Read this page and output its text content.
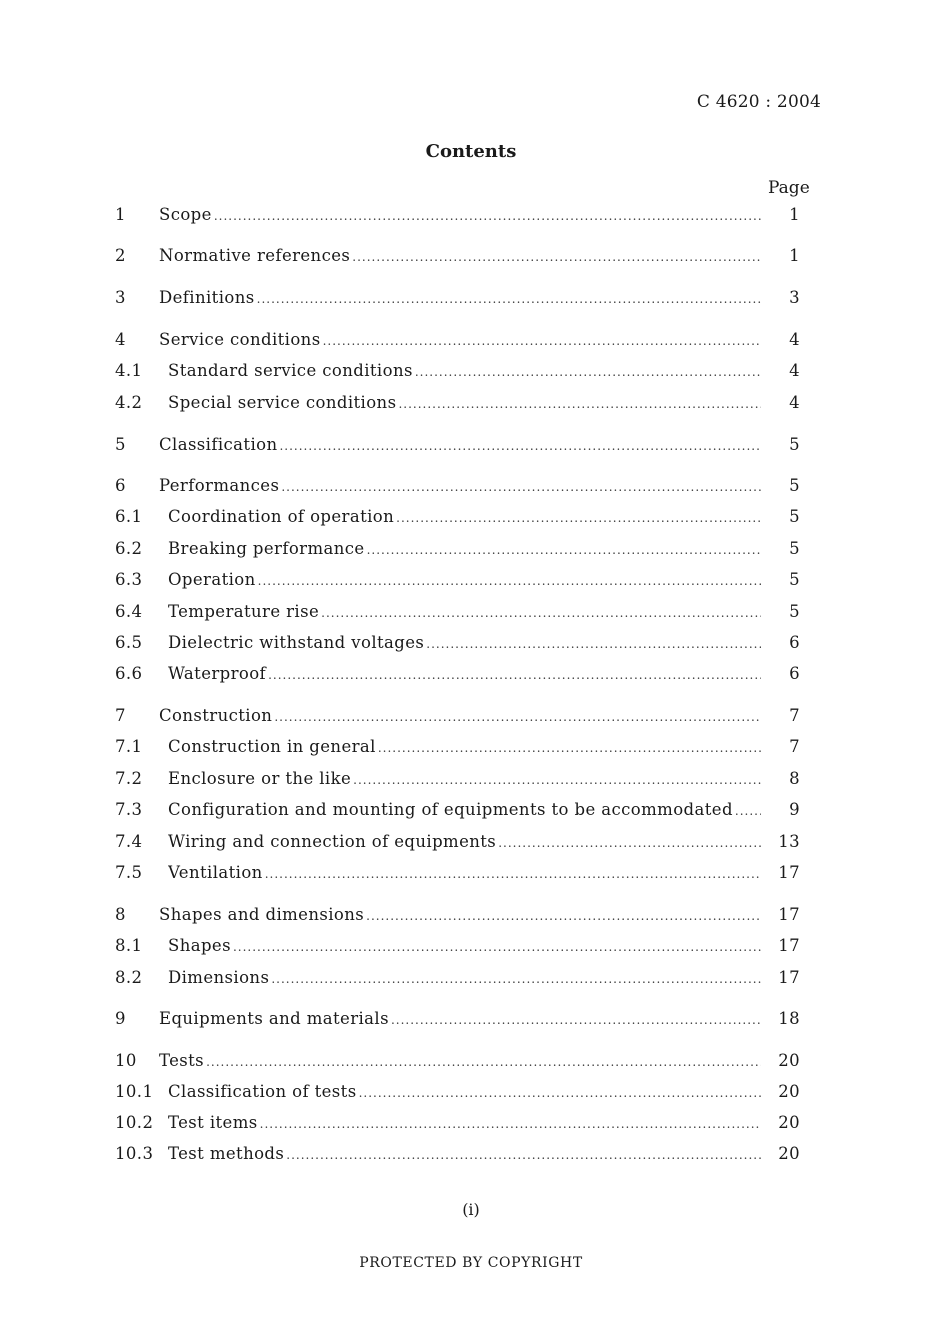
C 4620 : 2004
Contents
Page
1 Scope .....	1
2 Normative references .....	1
3 Definitions .....	3
4 Service conditions .....	4
4.1 Standard service conditions .....	4
4.2 Special service conditions .....	4
5 Classification .....	5
6 Performances .....	5
6.1 Coordination of operation .....	5
6.2 Breaking performance .....	5
6.3 Operation .....	5
6.4 Temperature rise .....	5
6.5 Dielectric withstand voltages .....	6
6.6 Waterproof .....	6
7 Construction .....	7
7.1 Construction in general .....	7
7.2 Enclosure or the like .....	8
7.3 Configuration and mounting of equipments to be accommodated .....	9
7.4 Wiring and connection of equipments .....	13
7.5 Ventilation .....	17
8 Shapes and dimensions .....	17
8.1 Shapes .....	17
8.2 Dimensions .....	17
9 Equipments and materials .....	18
10 Tests .....	20
10.1 Classification of tests .....	20
10.2 Test items .....	20
10.3 Test methods .....	20
(i)
PROTECTED BY COPYRIGHT
